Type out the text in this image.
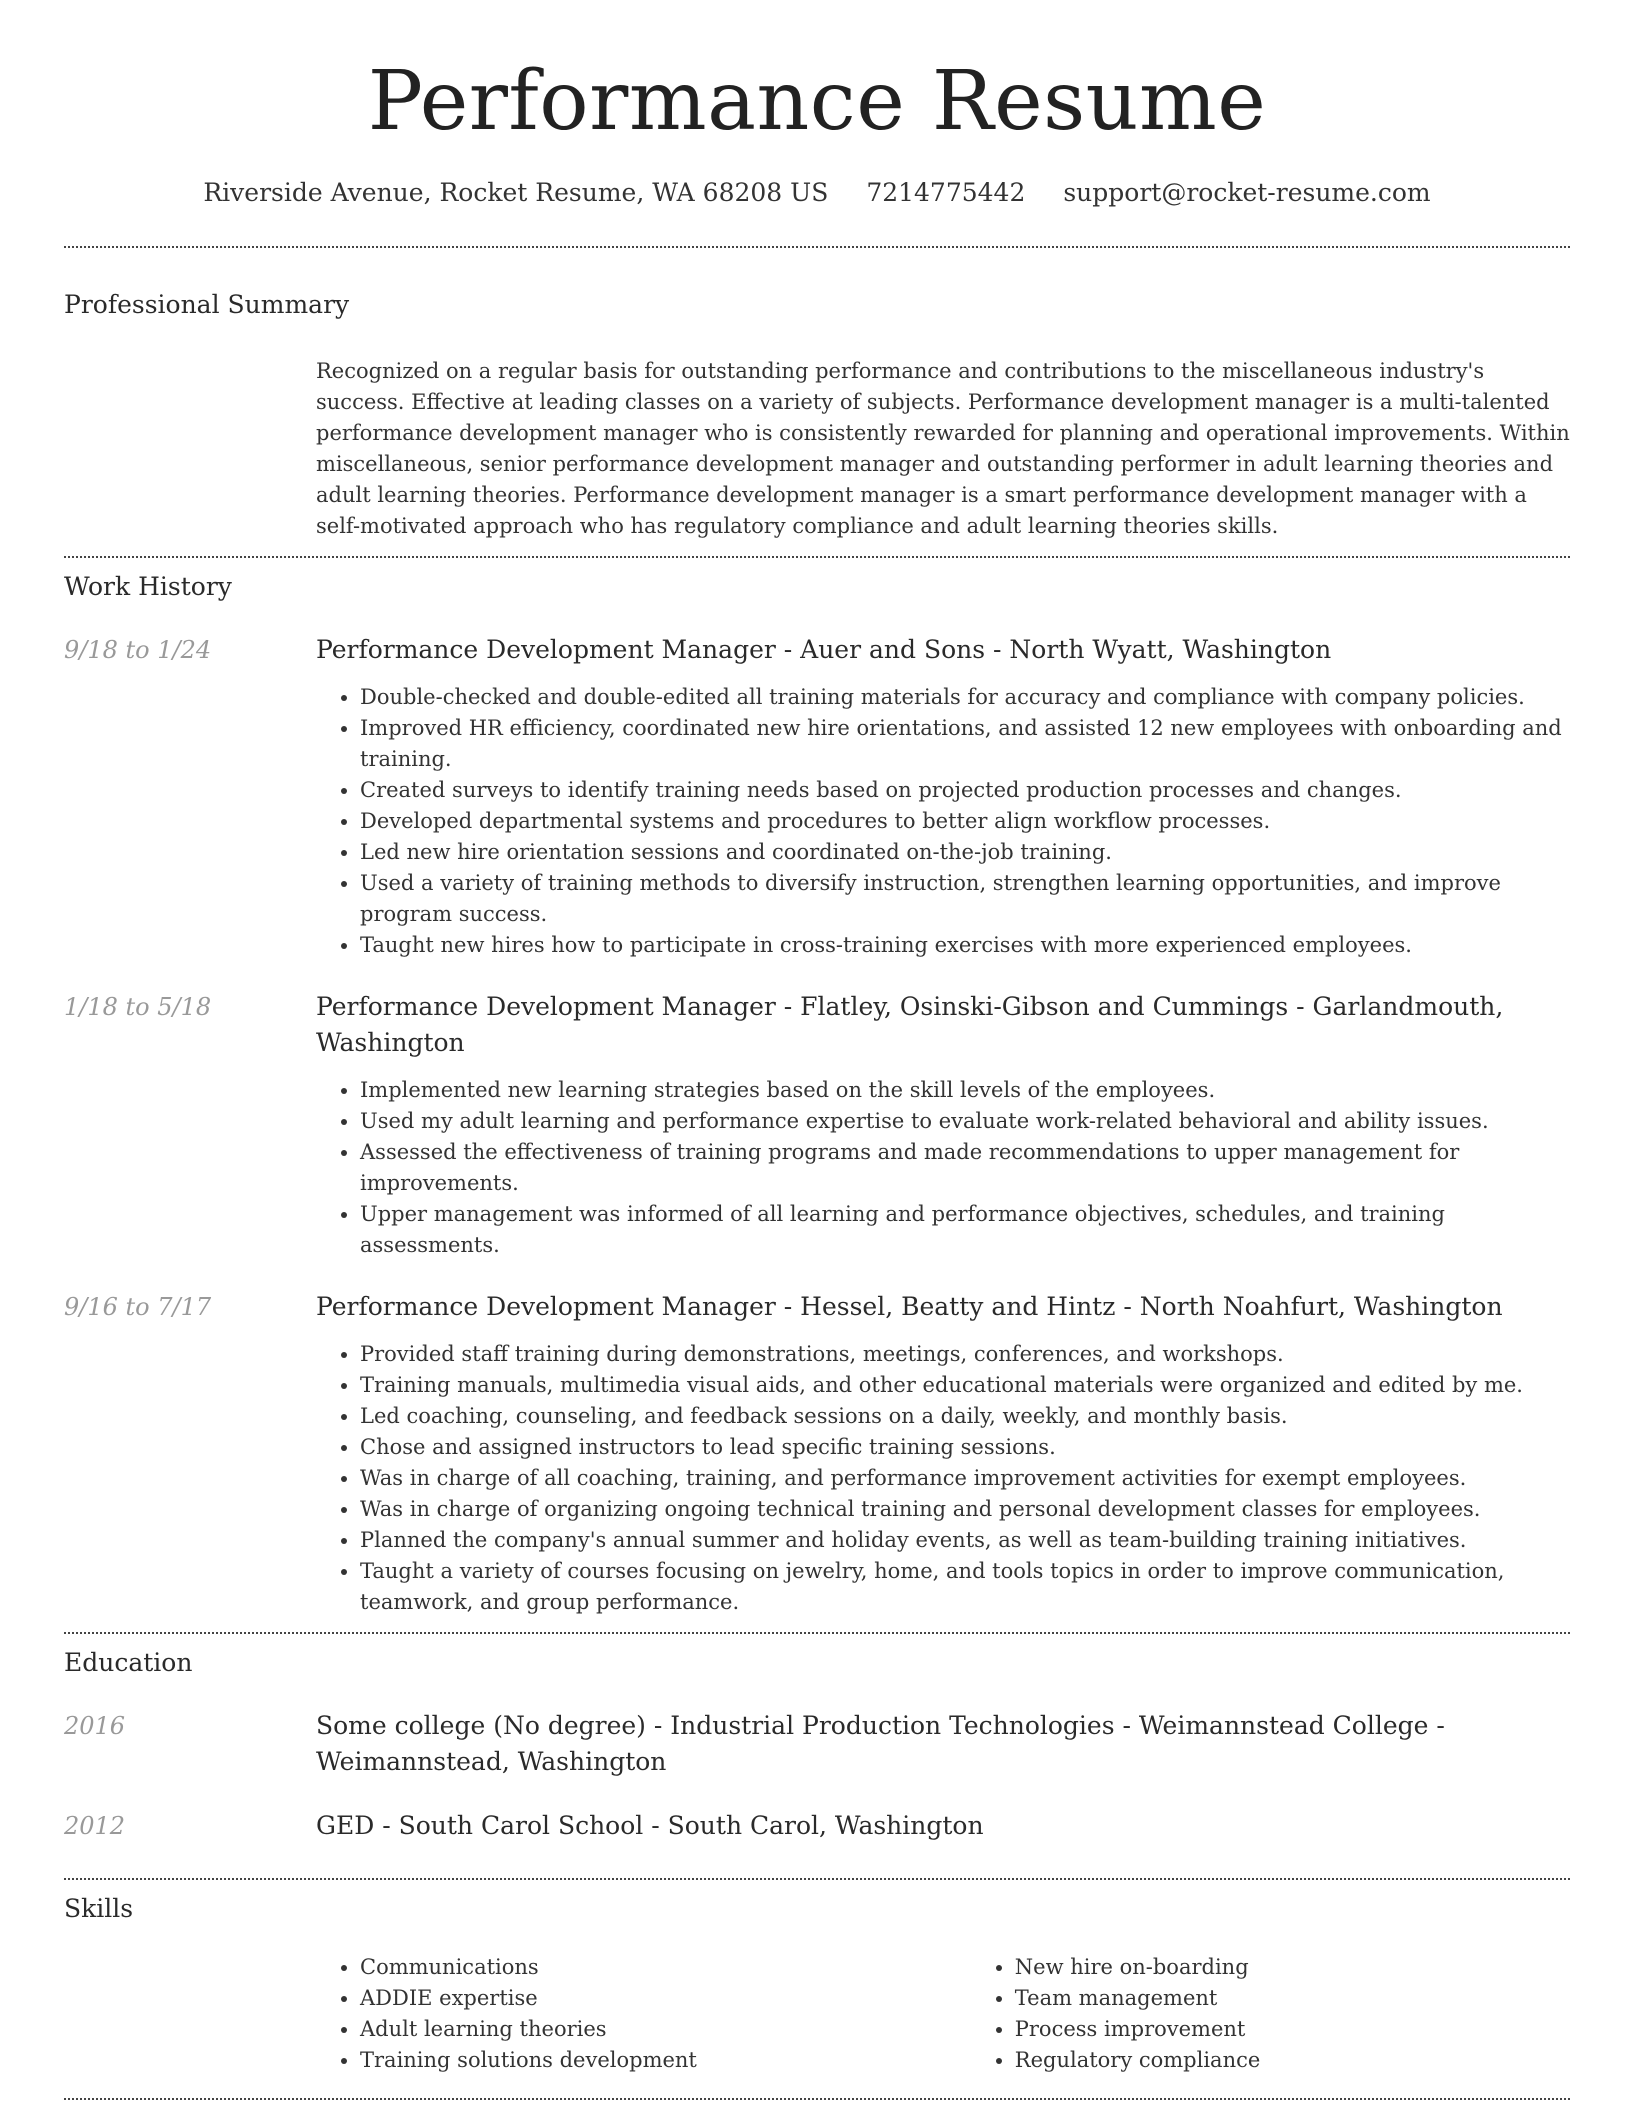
Performance Resume
Riverside Avenue, Rocket Resume, WA 68208 US 7214775442 support@rocket-resume.com
Professional Summary

Recognized on a regular basis for outstanding performance and contributions to the miscellaneous industry's success. Effective at leading classes on a variety of subjects. Performance development manager is a multi-talented performance development manager who is consistently rewarded for planning and operational improvements. Within miscellaneous, senior performance development manager and outstanding performer in adult learning theories and adult learning theories. Performance development manager is a smart performance development manager with a self-motivated approach who has regulatory compliance and adult learning theories skills.

Work History
9/18 to 1/24	Performance Development Manager - Auer and Sons - North Wyatt, Washington
• Double-checked and double-edited all training materials for accuracy and compliance with company policies.
• Improved HR efficiency, coordinated new hire orientations, and assisted 12 new employees with onboarding and training.
• Created surveys to identify training needs based on projected production processes and changes.
• Developed departmental systems and procedures to better align workflow processes.
• Led new hire orientation sessions and coordinated on-the-job training.
• Used a variety of training methods to diversify instruction, strengthen learning opportunities, and improve program success.
• Taught new hires how to participate in cross-training exercises with more experienced employees.
1/18 to 5/18	Performance Development Manager - Flatley, Osinski-Gibson and Cummings - Garlandmouth, Washington
• Implemented new learning strategies based on the skill levels of the employees.
• Used my adult learning and performance expertise to evaluate work-related behavioral and ability issues.
• Assessed the effectiveness of training programs and made recommendations to upper management for improvements.
• Upper management was informed of all learning and performance objectives, schedules, and training assessments.
9/16 to 7/17	Performance Development Manager - Hessel, Beatty and Hintz - North Noahfurt, Washington
• Provided staff training during demonstrations, meetings, conferences, and workshops.
• Training manuals, multimedia visual aids, and other educational materials were organized and edited by me.
• Led coaching, counseling, and feedback sessions on a daily, weekly, and monthly basis.
• Chose and assigned instructors to lead specific training sessions.
• Was in charge of all coaching, training, and performance improvement activities for exempt employees.
• Was in charge of organizing ongoing technical training and personal development classes for employees.
• Planned the company's annual summer and holiday events, as well as team-building training initiatives.
• Taught a variety of courses focusing on jewelry, home, and tools topics in order to improve communication, teamwork, and group performance.
Education
2016	Some college (No degree) - Industrial Production Technologies - Weimannstead College - Weimannstead, Washington
2012	GED - South Carol School - South Carol, Washington
Skills
• Communications
• ADDIE expertise
• Adult learning theories
• Training solutions development
• New hire on-boarding
• Team management
• Process improvement
• Regulatory compliance
